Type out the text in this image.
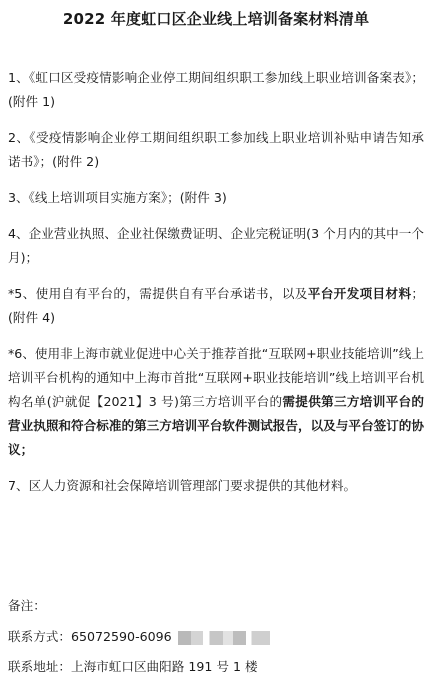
2022 年度虹口区企业线上培训备案材料清单

1、《虹口区受疫情影响企业停工期间组织职工参加线上职业培训备案表》；(附件 1)

2、《受疫情影响企业停工期间组织职工参加线上职业培训补贴申请告知承诺书》；(附件 2)

3、《线上培训项目实施方案》；(附件 3)

4、企业营业执照、企业社保缴费证明、企业完税证明(3 个月内的其中一个月)；

*5、使用自有平台的，需提供自有平台承诺书，以及平台开发项目材料；(附件 4)

*6、使用非上海市就业促进中心关于推荐首批“互联网+职业技能培训”线上培训平台机构的通知中上海市首批“互联网+职业技能培训”线上培训平台机构名单(沪就促【2021】3 号)第三方培训平台的需提供第三方培训平台的营业执照和符合标准的第三方培训平台软件测试报告，以及与平台签订的协议；

7、区人力资源和社会保障培训管理部门要求提供的其他材料。

备注：
联系方式：65072590-6096
联系地址：上海市虹口区曲阳路 191 号 1 楼
